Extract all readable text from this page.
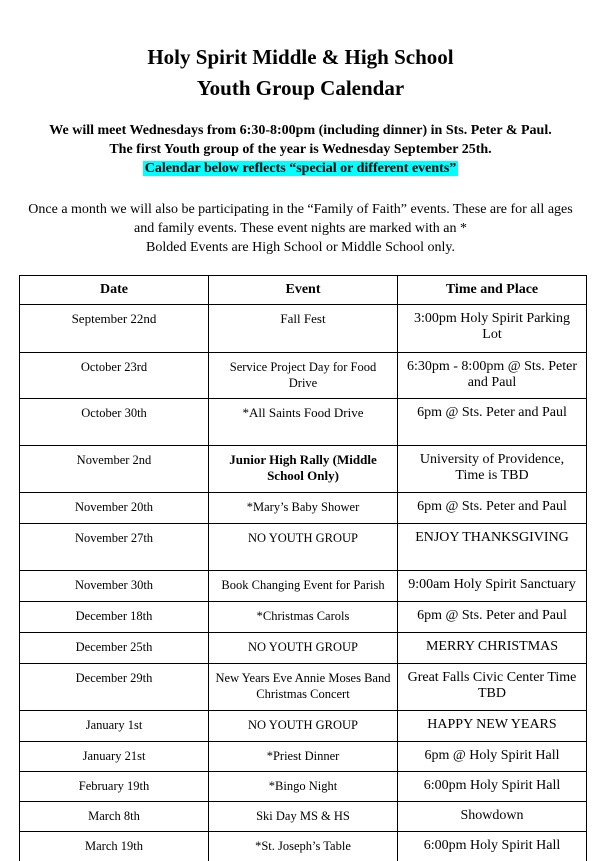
Holy Spirit Middle & High School
Youth Group Calendar
We will meet Wednesdays from 6:30-8:00pm (including dinner) in Sts. Peter & Paul.
The first Youth group of the year is Wednesday September 25th.
Calendar below reflects “special or different events”
Once a month we will also be participating in the “Family of Faith” events. These are for all ages
and family events. These event nights are marked with an *
Bolded Events are High School or Middle School only.
Date	Event	Time and Place
September 22nd	Fall Fest	3:00pm Holy Spirit Parking Lot
October 23rd	Service Project Day for Food Drive	6:30pm - 8:00pm @ Sts. Peter and Paul
October 30th	*All Saints Food Drive	6pm @ Sts. Peter and Paul
November 2nd	Junior High Rally (Middle School Only)	University of Providence, Time is TBD
November 20th	*Mary’s Baby Shower	6pm @ Sts. Peter and Paul
November 27th	NO YOUTH GROUP	ENJOY THANKSGIVING
November 30th	Book Changing Event for Parish	9:00am Holy Spirit Sanctuary
December 18th	*Christmas Carols	6pm @ Sts. Peter and Paul
December 25th	NO YOUTH GROUP	MERRY CHRISTMAS
December 29th	New Years Eve Annie Moses Band Christmas Concert	Great Falls Civic Center Time TBD
January 1st	NO YOUTH GROUP	HAPPY NEW YEARS
January 21st	*Priest Dinner	6pm @ Holy Spirit Hall
February 19th	*Bingo Night	6:00pm Holy Spirit Hall
March 8th	Ski Day MS & HS	Showdown
March 19th	*St. Joseph’s Table	6:00pm Holy Spirit Hall
